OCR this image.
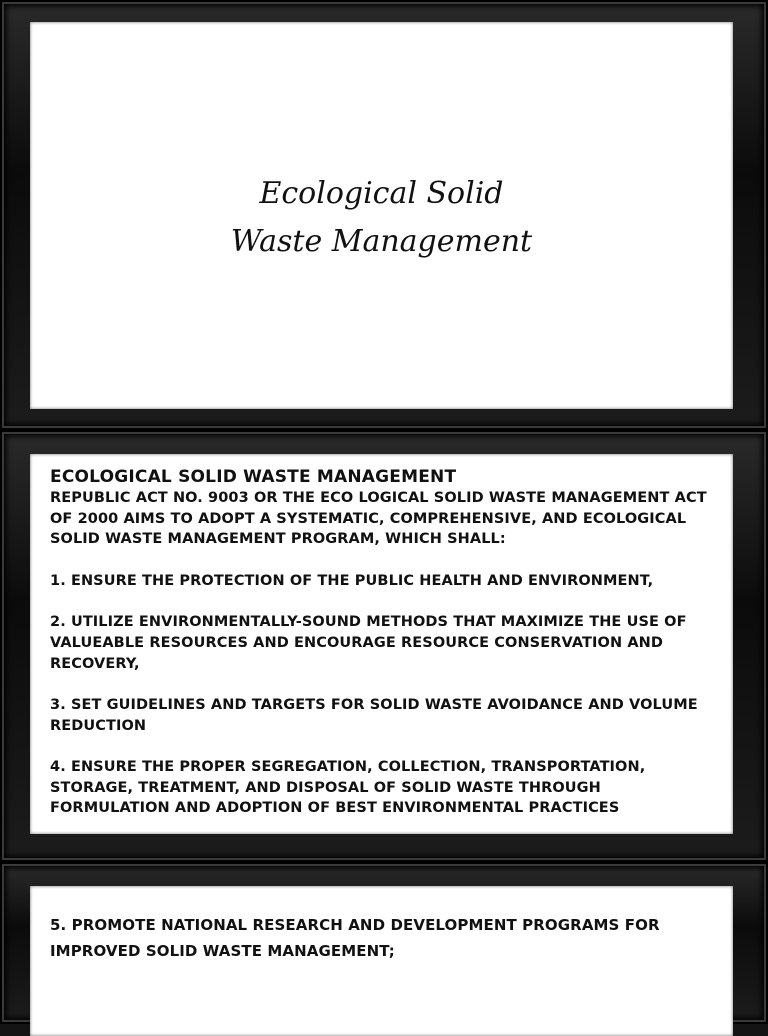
Ecological Solid
Waste Management
ECOLOGICAL SOLID WASTE MANAGEMENT
REPUBLIC ACT NO. 9003 OR THE ECO LOGICAL SOLID WASTE MANAGEMENT ACT OF 2000 AIMS TO ADOPT A SYSTEMATIC, COMPREHENSIVE, AND ECOLOGICAL SOLID WASTE MANAGEMENT PROGRAM, WHICH SHALL:
1. ENSURE THE PROTECTION OF THE PUBLIC HEALTH AND ENVIRONMENT,
2. UTILIZE ENVIRONMENTALLY-SOUND METHODS THAT MAXIMIZE THE USE OF VALUEABLE RESOURCES AND ENCOURAGE RESOURCE CONSERVATION AND RECOVERY,
3. SET GUIDELINES AND TARGETS FOR SOLID WASTE AVOIDANCE AND VOLUME REDUCTION
4. ENSURE THE PROPER SEGREGATION, COLLECTION, TRANSPORTATION, STORAGE, TREATMENT, AND DISPOSAL OF SOLID WASTE THROUGH FORMULATION AND ADOPTION OF BEST ENVIRONMENTAL PRACTICES
5. PROMOTE NATIONAL RESEARCH AND DEVELOPMENT PROGRAMS FOR IMPROVED SOLID WASTE MANAGEMENT;
